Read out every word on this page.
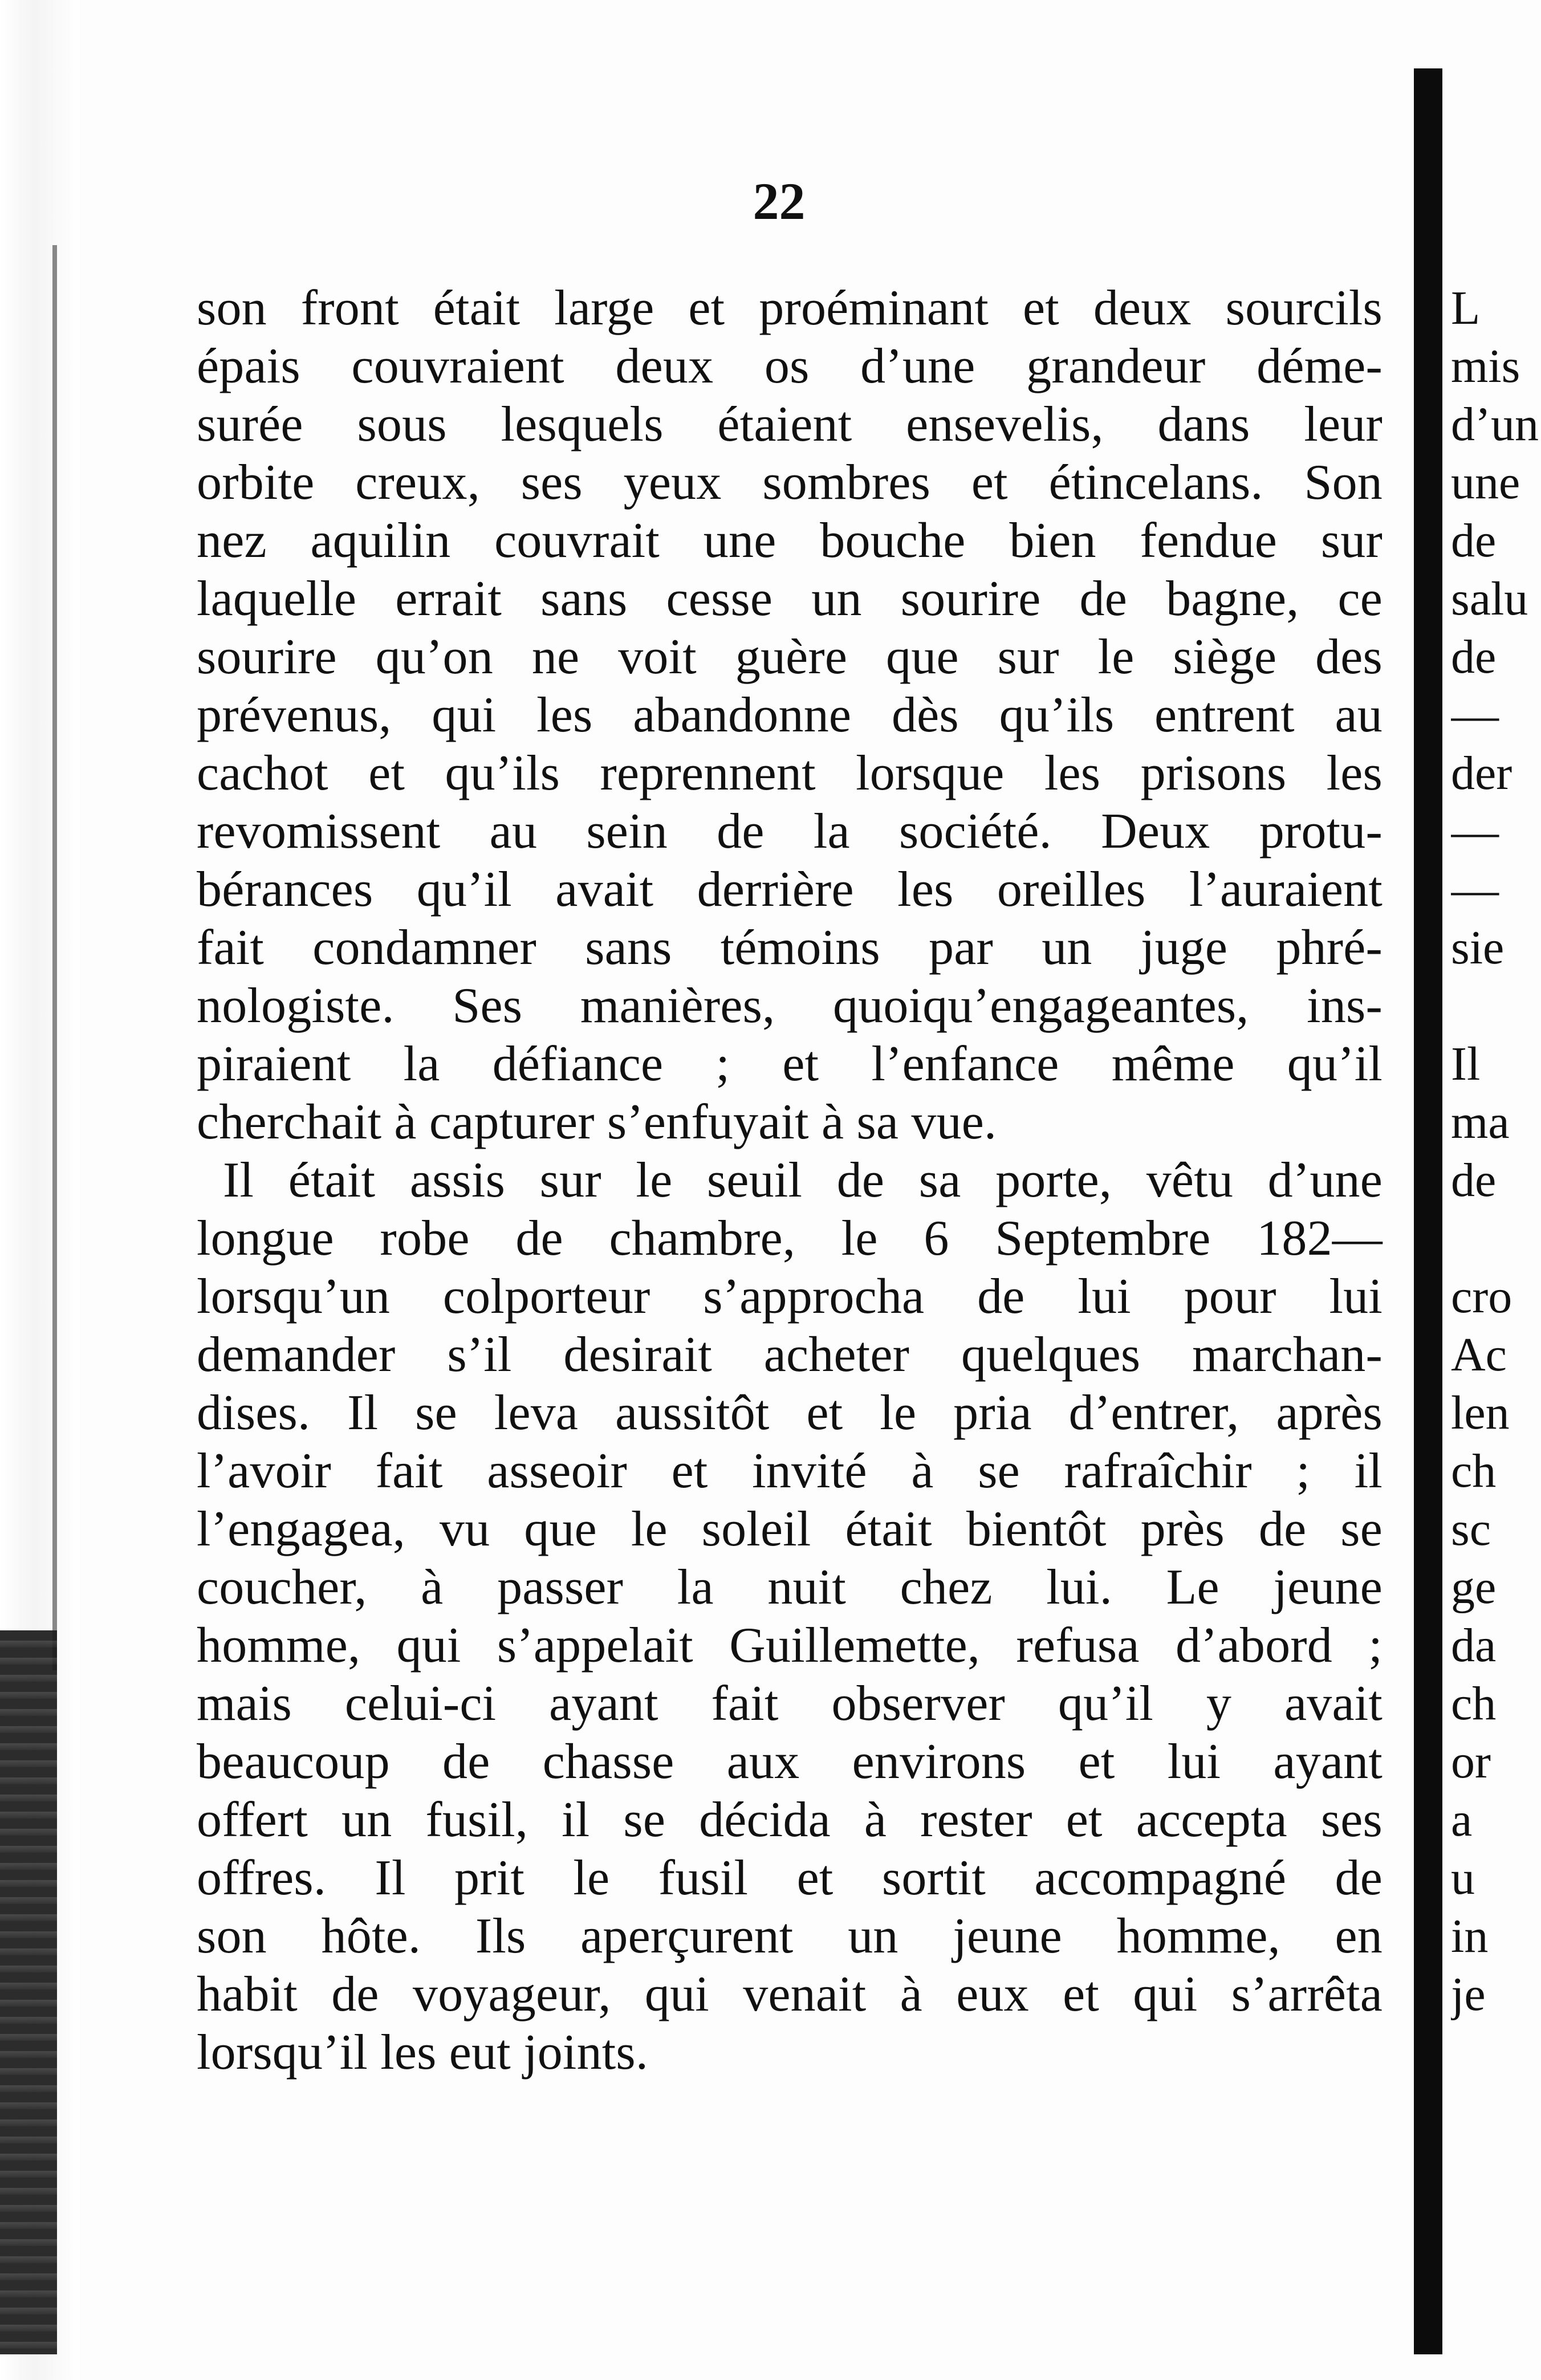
22
son front était large et proéminant et deux sourcils
épais couvraient deux os d’une grandeur déme-
surée sous lesquels étaient ensevelis, dans leur
orbite creux, ses yeux sombres et étincelans. Son
nez aquilin couvrait une bouche bien fendue sur
laquelle errait sans cesse un sourire de bagne, ce
sourire qu’on ne voit guère que sur le siège des
prévenus, qui les abandonne dès qu’ils entrent au
cachot et qu’ils reprennent lorsque les prisons les
revomissent au sein de la société. Deux protu-
bérances qu’il avait derrière les oreilles l’auraient
fait condamner sans témoins par un juge phré-
nologiste. Ses manières, quoiqu’engageantes, ins-
piraient la défiance ; et l’enfance même qu’il
cherchait à capturer s’enfuyait à sa vue.
Il était assis sur le seuil de sa porte, vêtu d’une
longue robe de chambre, le 6 Septembre 182—
lorsqu’un colporteur s’approcha de lui pour lui
demander s’il desirait acheter quelques marchan-
dises. Il se leva aussitôt et le pria d’entrer, après
l’avoir fait asseoir et invité à se rafraîchir ; il
l’engagea, vu que le soleil était bientôt près de se
coucher, à passer la nuit chez lui. Le jeune
homme, qui s’appelait Guillemette, refusa d’abord ;
mais celui-ci ayant fait observer qu’il y avait
beaucoup de chasse aux environs et lui ayant
offert un fusil, il se décida à rester et accepta ses
offres. Il prit le fusil et sortit accompagné de
son hôte. Ils aperçurent un jeune homme, en
habit de voyageur, qui venait à eux et qui s’arrêta
lorsqu’il les eut joints.
L
mis
d’un
une
de
salu
de
—
der
—
—
sie
Il
ma
de
cro
Ac
len
ch
sc
ge
da
ch
or
a
u
in
je
